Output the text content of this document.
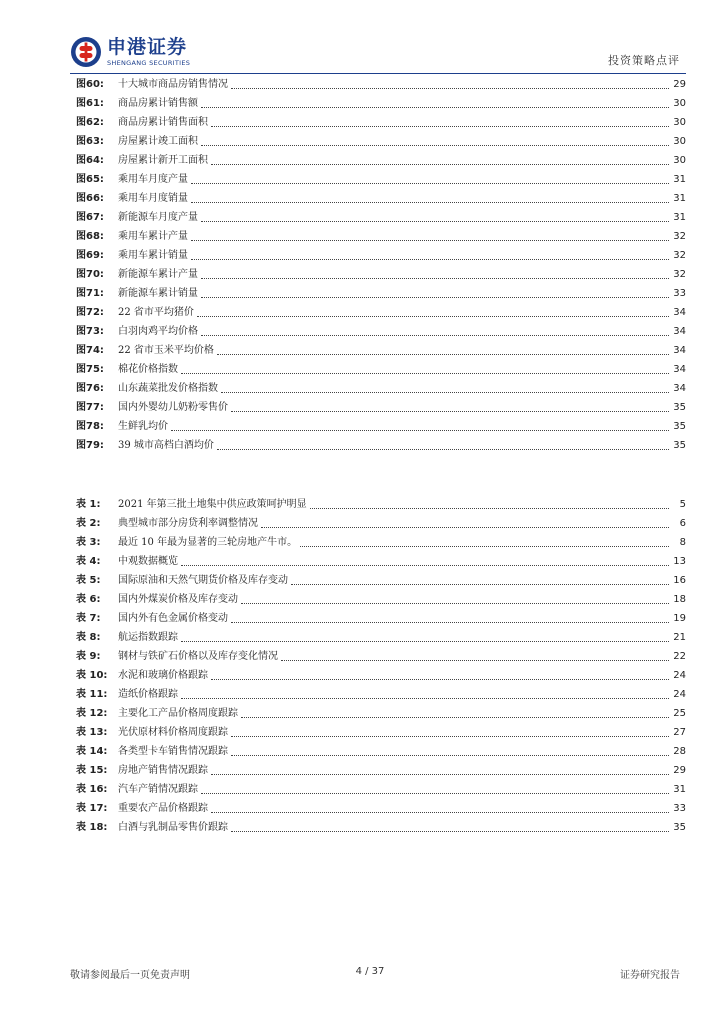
申港证券
SHENGANG SECURITIES	投资策略点评
图60:	十大城市商品房销售情况	29
图61:	商品房累计销售额	30
图62:	商品房累计销售面积	30
图63:	房屋累计竣工面积	30
图64:	房屋累计新开工面积	30
图65:	乘用车月度产量	31
图66:	乘用车月度销量	31
图67:	新能源车月度产量	31
图68:	乘用车累计产量	32
图69:	乘用车累计销量	32
图70:	新能源车累计产量	32
图71:	新能源车累计销量	33
图72:	22 省市平均猪价	34
图73:	白羽肉鸡平均价格	34
图74:	22 省市玉米平均价格	34
图75:	棉花价格指数	34
图76:	山东蔬菜批发价格指数	34
图77:	国内外婴幼儿奶粉零售价	35
图78:	生鲜乳均价	35
图79:	39 城市高档白酒均价	35
表 1:	2021 年第三批土地集中供应政策呵护明显	5
表 2:	典型城市部分房贷利率调整情况	6
表 3:	最近 10 年最为显著的三轮房地产牛市。	8
表 4:	中观数据概览	13
表 5:	国际原油和天然气期货价格及库存变动	16
表 6:	国内外煤炭价格及库存变动	18
表 7:	国内外有色金属价格变动	19
表 8:	航运指数跟踪	21
表 9:	钢材与铁矿石价格以及库存变化情况	22
表 10:	水泥和玻璃价格跟踪	24
表 11:	造纸价格跟踪	24
表 12:	主要化工产品价格周度跟踪	25
表 13:	光伏原材料价格周度跟踪	27
表 14:	各类型卡车销售情况跟踪	28
表 15:	房地产销售情况跟踪	29
表 16:	汽车产销情况跟踪	31
表 17:	重要农产品价格跟踪	33
表 18:	白酒与乳制品零售价跟踪	35
敬请参阅最后一页免责声明	4 / 37	证券研究报告
